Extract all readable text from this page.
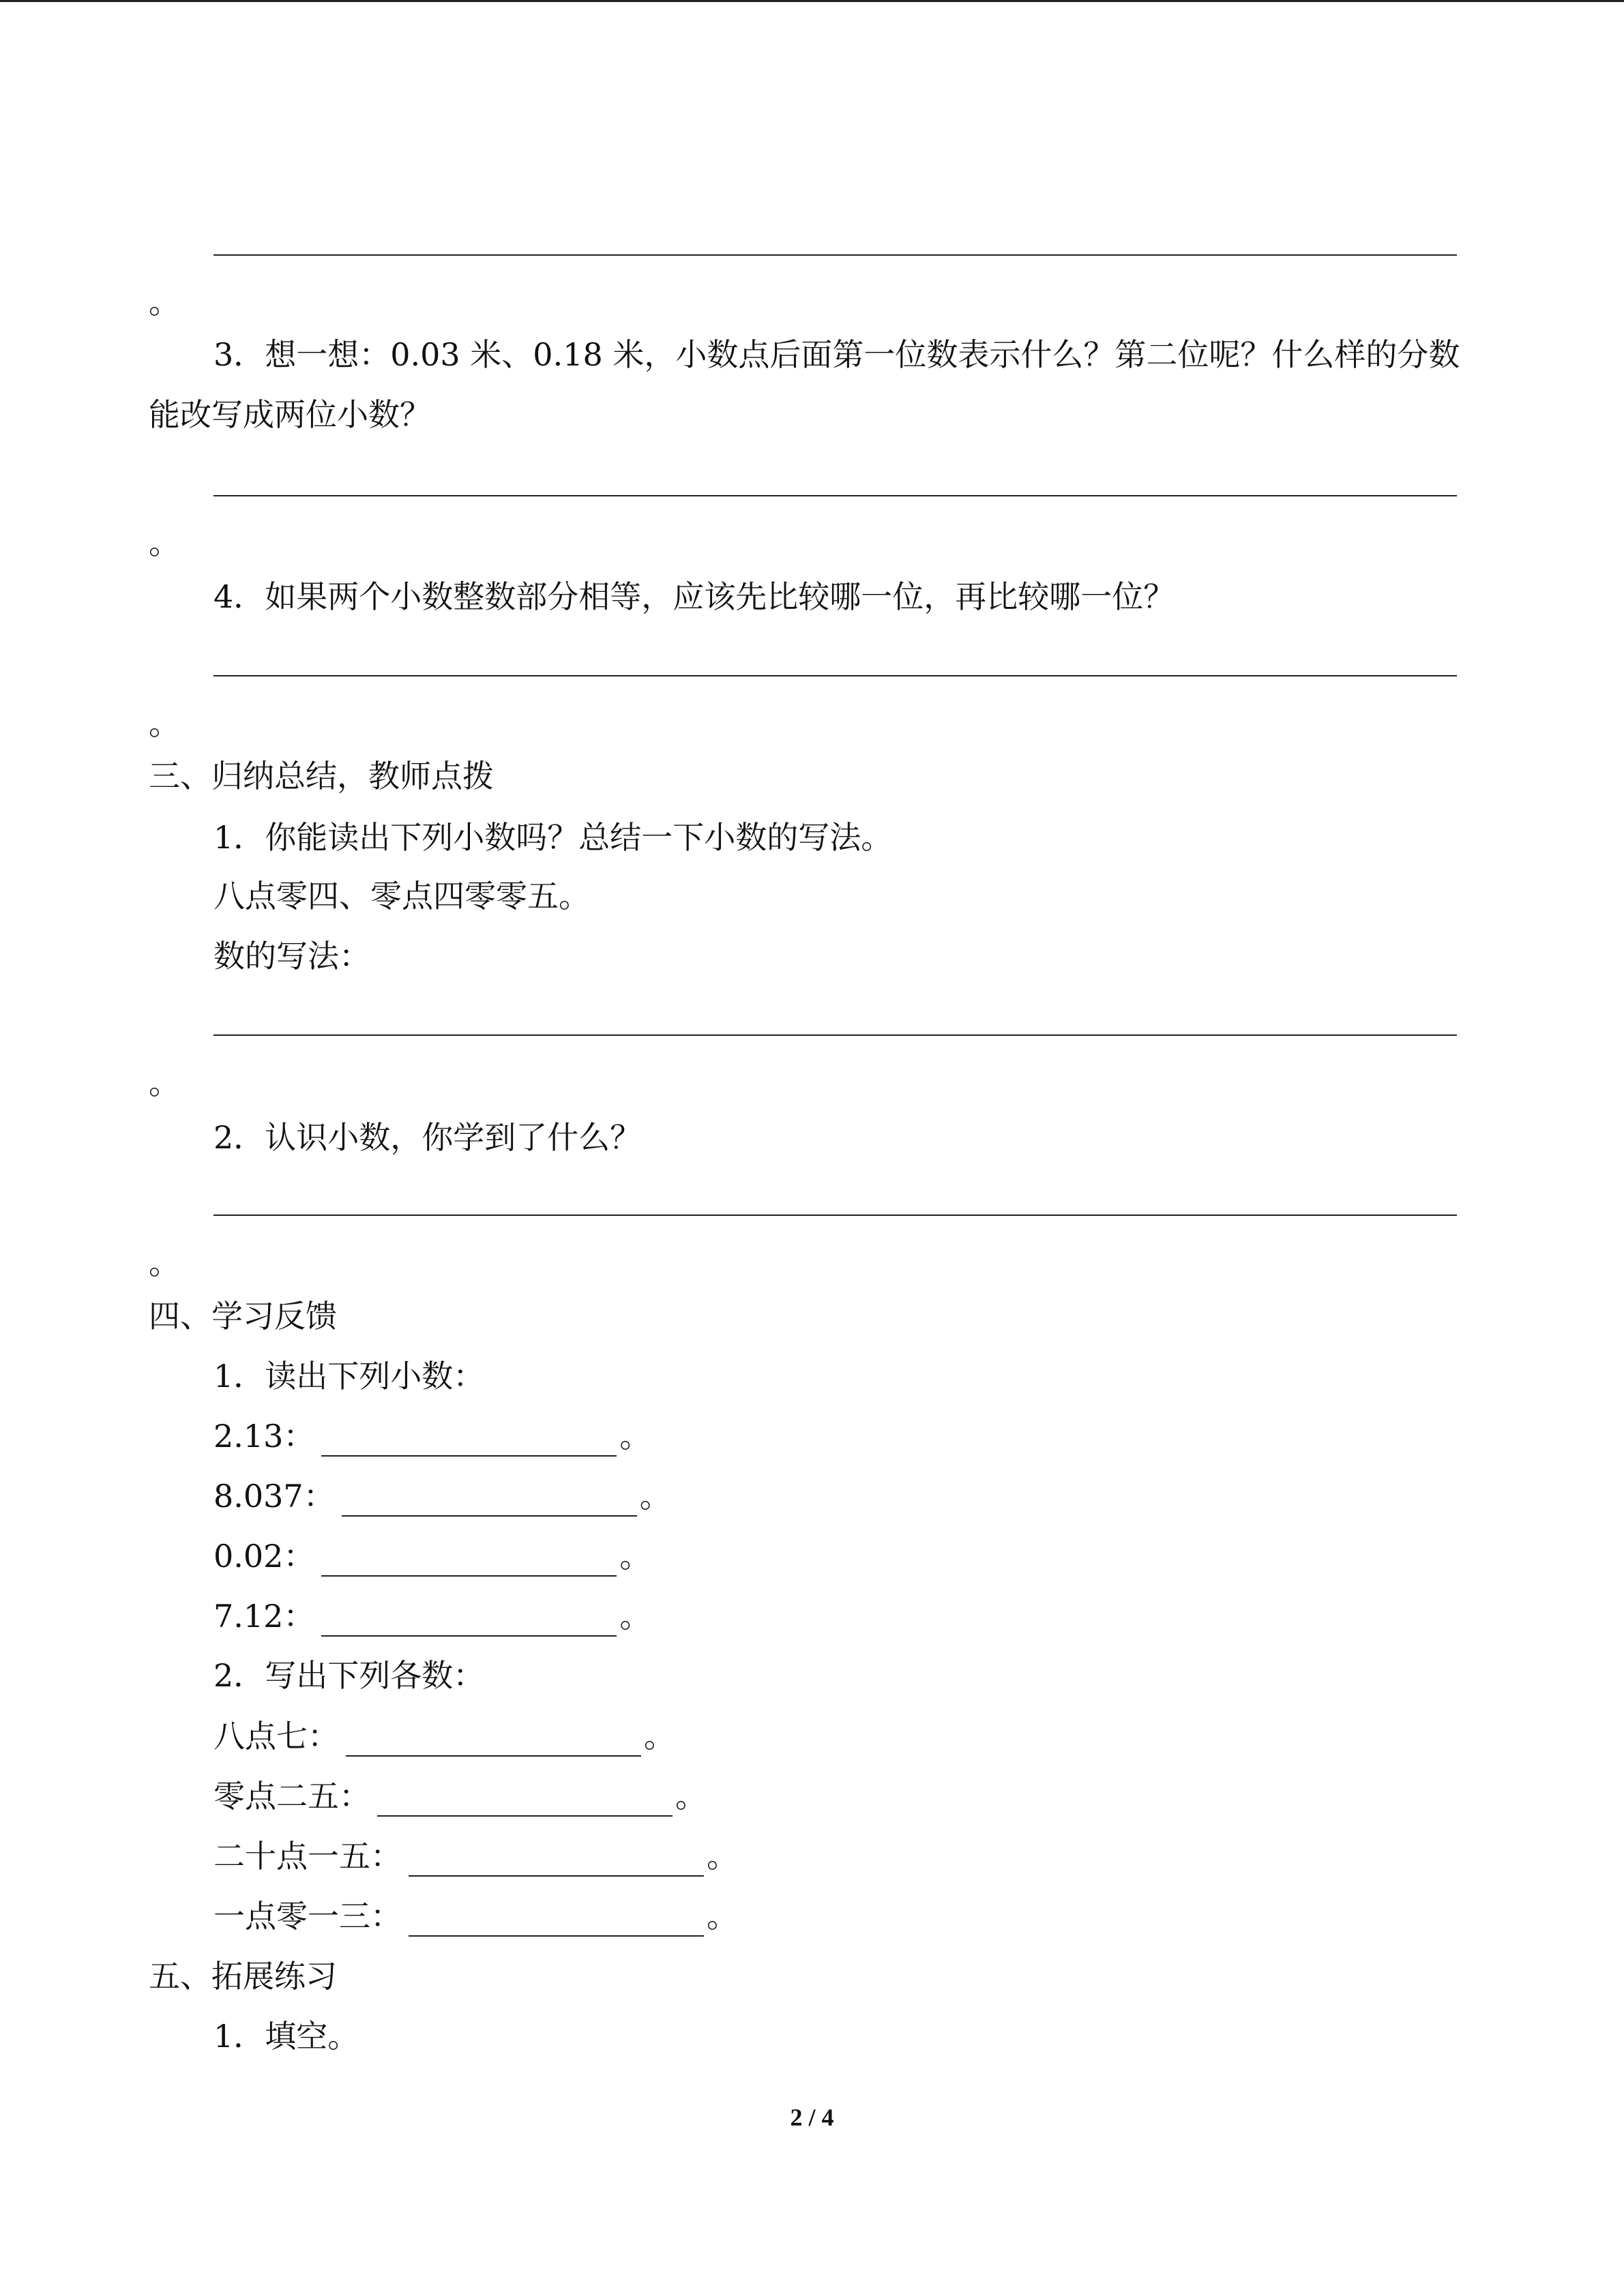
。
3．想一想：0.03 米、0.18 米，小数点后面第一位数表示什么？第二位呢？什么样的分数
能改写成两位小数？
。
4．如果两个小数整数部分相等，应该先比较哪一位，再比较哪一位？
。
三、归纳总结，教师点拨
1．你能读出下列小数吗？总结一下小数的写法。
八点零四、零点四零零五。
数的写法：
。
2．认识小数，你学到了什么？
。
四、学习反馈
1．读出下列小数：
2.13：	。
8.037：	。
0.02：	。
7.12：	。
2．写出下列各数：
八点七：	。
零点二五：	。
二十点一五：	。
一点零一三：	。
五、拓展练习
1．填空。
2 / 4
